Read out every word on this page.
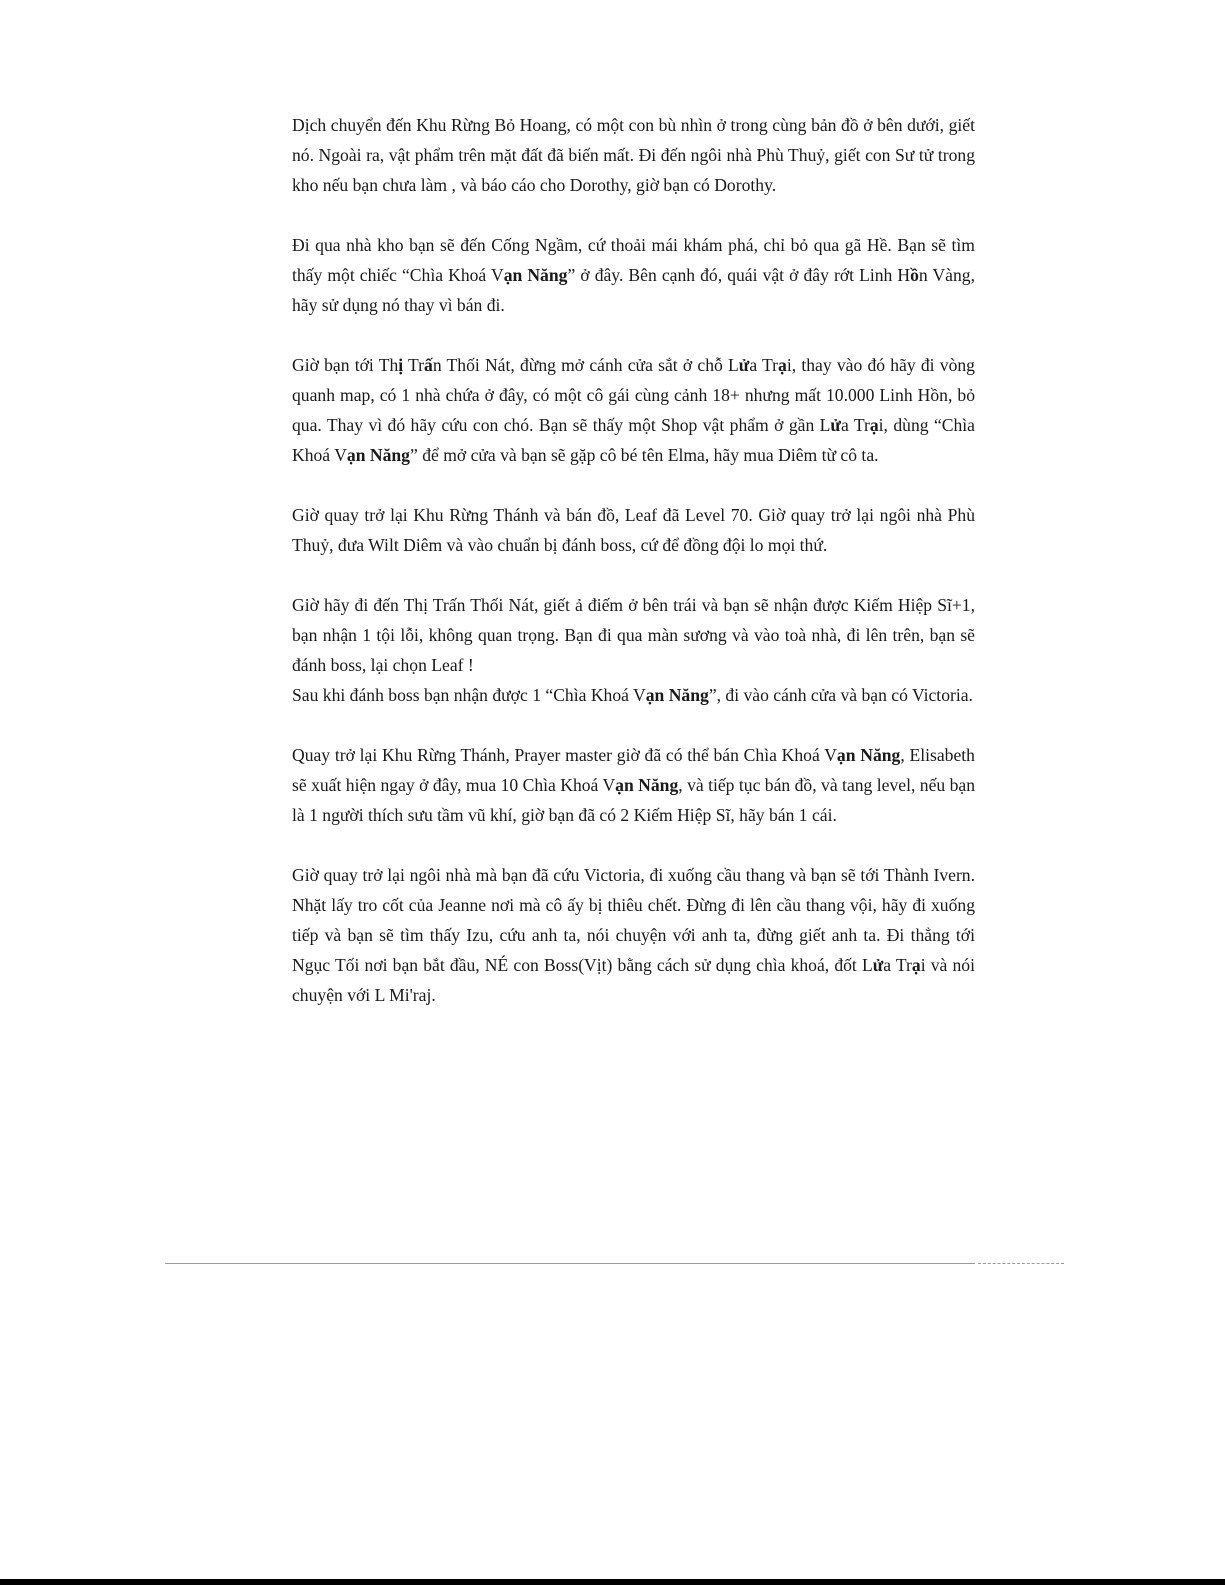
Dịch chuyển đến Khu Rừng Bỏ Hoang, có một con bù nhìn ở trong cùng bản đồ ở bên dưới, giết nó. Ngoài ra, vật phẩm trên mặt đất đã biến mất. Đi đến ngôi nhà Phù Thuỷ, giết con Sư tử trong kho nếu bạn chưa làm , và báo cáo cho Dorothy, giờ bạn có Dorothy.
Đi qua nhà kho bạn sẽ đến Cống Ngầm, cứ thoải mái khám phá, chỉ bỏ qua gã Hề. Bạn sẽ tìm thấy một chiếc “Chìa Khoá Vạn Năng” ở đây. Bên cạnh đó, quái vật ở đây rớt Linh Hồn Vàng, hãy sử dụng nó thay vì bán đi.
Giờ bạn tới Thị Trấn Thối Nát, đừng mở cánh cửa sắt ở chỗ Lửa Trại, thay vào đó hãy đi vòng quanh map, có 1 nhà chứa ở đây, có một cô gái cùng cảnh 18+ nhưng mất 10.000 Linh Hồn, bỏ qua. Thay vì đó hãy cứu con chó. Bạn sẽ thấy một Shop vật phẩm ở gần Lửa Trại, dùng “Chìa Khoá Vạn Năng” để mở cửa và bạn sẽ gặp cô bé tên Elma, hãy mua Diêm từ cô ta.
Giờ quay trở lại Khu Rừng Thánh và bán đồ, Leaf đã Level 70. Giờ quay trở lại ngôi nhà Phù Thuỷ, đưa Wilt Diêm và vào chuẩn bị đánh boss, cứ để đồng đội lo mọi thứ.
Giờ hãy đi đến Thị Trấn Thối Nát, giết ả điếm ở bên trái và bạn sẽ nhận được Kiếm Hiệp Sĩ+1, bạn nhận 1 tội lỗi, không quan trọng. Bạn đi qua màn sương và vào toà nhà, đi lên trên, bạn sẽ đánh boss, lại chọn Leaf !
Sau khi đánh boss bạn nhận được 1 “Chìa Khoá Vạn Năng”, đi vào cánh cửa và bạn có Victoria.
Quay trở lại Khu Rừng Thánh, Prayer master giờ đã có thể bán Chìa Khoá Vạn Năng, Elisabeth sẽ xuất hiện ngay ở đây, mua 10 Chìa Khoá Vạn Năng, và tiếp tục bán đồ, và tang level, nếu bạn là 1 người thích sưu tầm vũ khí, giờ bạn đã có 2 Kiếm Hiệp Sĩ, hãy bán 1 cái.
Giờ quay trở lại ngôi nhà mà bạn đã cứu Victoria, đi xuống cầu thang và bạn sẽ tới Thành Ivern. Nhặt lấy tro cốt của Jeanne nơi mà cô ấy bị thiêu chết. Đừng đi lên cầu thang vội, hãy đi xuống tiếp và bạn sẽ tìm thấy Izu, cứu anh ta, nói chuyện với anh ta, đừng giết anh ta. Đi thẳng tới Ngục Tối nơi bạn bắt đầu, NÉ con Boss(Vịt) bằng cách sử dụng chìa khoá, đốt Lửa Trại và nói chuyện với L Mi'raj.
